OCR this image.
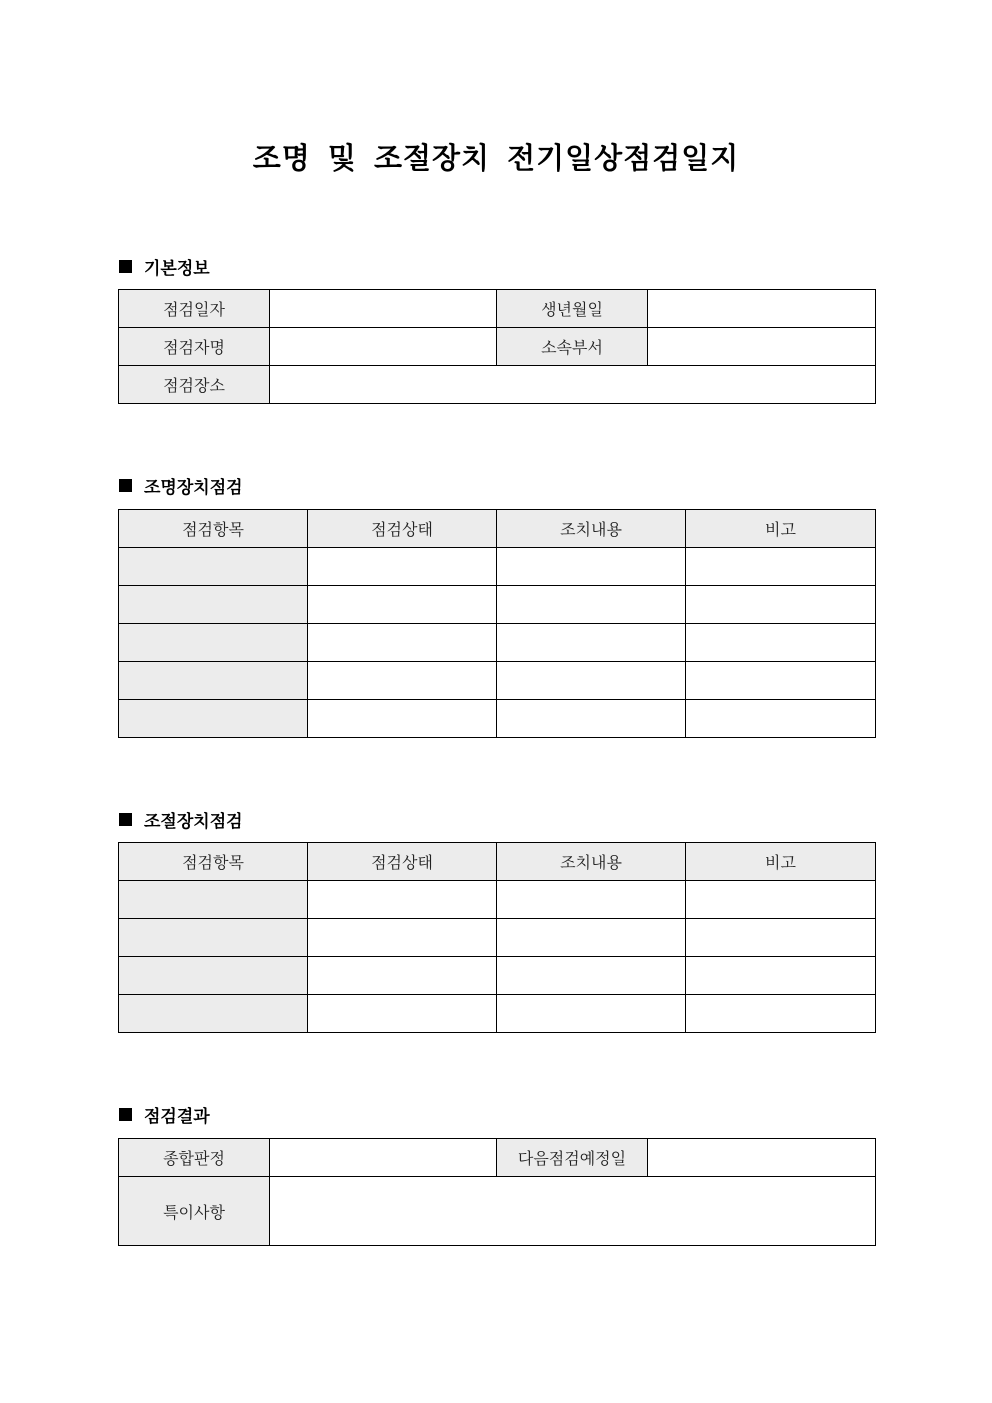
조명 및 조절장치 전기일상점검일지
기본정보
점검일자		생년월일	
점검자명		소속부서	
점검장소			
조명장치점검
점검항목	점검상태	조치내용	비고

조절장치점검
점검항목	점검상태	조치내용	비고

점검결과
종합판정		다음점검예정일	
특이사항			
